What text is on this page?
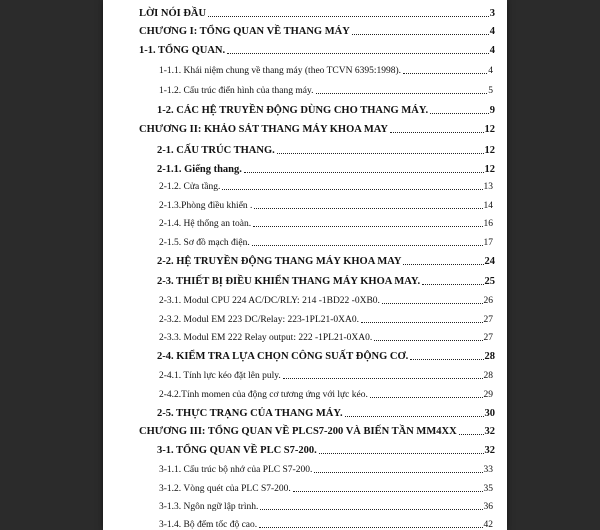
LỜI NÓI ĐẦU	3
CHƯƠNG I: TỔNG QUAN VỀ THANG MÁY	4
1-1. TỔNG QUAN.	4
1-1.1. Khái niệm chung về thang máy (theo TCVN 6395:1998).	4
1-1.2. Cấu trúc điển hình của thang máy.	5
1-2. CÁC HỆ TRUYỀN ĐỘNG DÙNG CHO THANG MÁY.	9
CHƯƠNG II: KHẢO SÁT THANG MÁY KHOA MAY	12
2-1. CẤU TRÚC THANG.	12
2-1.1. Giếng thang.	12
2-1.2. Cửa tầng.	13
2-1.3.Phòng điều khiển .	14
2-1.4. Hệ thống an toàn.	16
2-1.5. Sơ đồ mạch điện.	17
2-2. HỆ TRUYỀN ĐỘNG THANG MÁY KHOA MAY	24
2-3. THIẾT BỊ ĐIỀU KHIỂN THANG MÁY KHOA MAY.	25
2-3.1. Modul CPU 224 AC/DC/RLY: 214 -1BD22 -0XB0.	26
2-3.2. Modul EM 223 DC/Relay: 223-1PL21-0XA0.	27
2-3.3. Modul EM 222 Relay output: 222 -1PL21-0XA0.	27
2-4. KIỂM TRA LỰA CHỌN CÔNG SUẤT ĐỘNG CƠ.	28
2-4.1. Tính lực kéo đặt lên puly.	28
2-4.2.Tính momen của động cơ tương ứng với lực kéo.	29
2-5. THỰC TRẠNG CỦA THANG MÁY.	30
CHƯƠNG III: TỔNG QUAN VỀ PLCS7-200 VÀ BIẾN TẦN MM4XX	32
3-1. TỔNG QUAN VỀ PLC S7-200.	32
3-1.1. Cấu trúc bộ nhớ của PLC S7-200.	33
3-1.2. Vòng quét của PLC S7-200.	35
3-1.3. Ngôn ngữ lập trình.	36
3-1.4. Bộ đếm tốc độ cao.	42
